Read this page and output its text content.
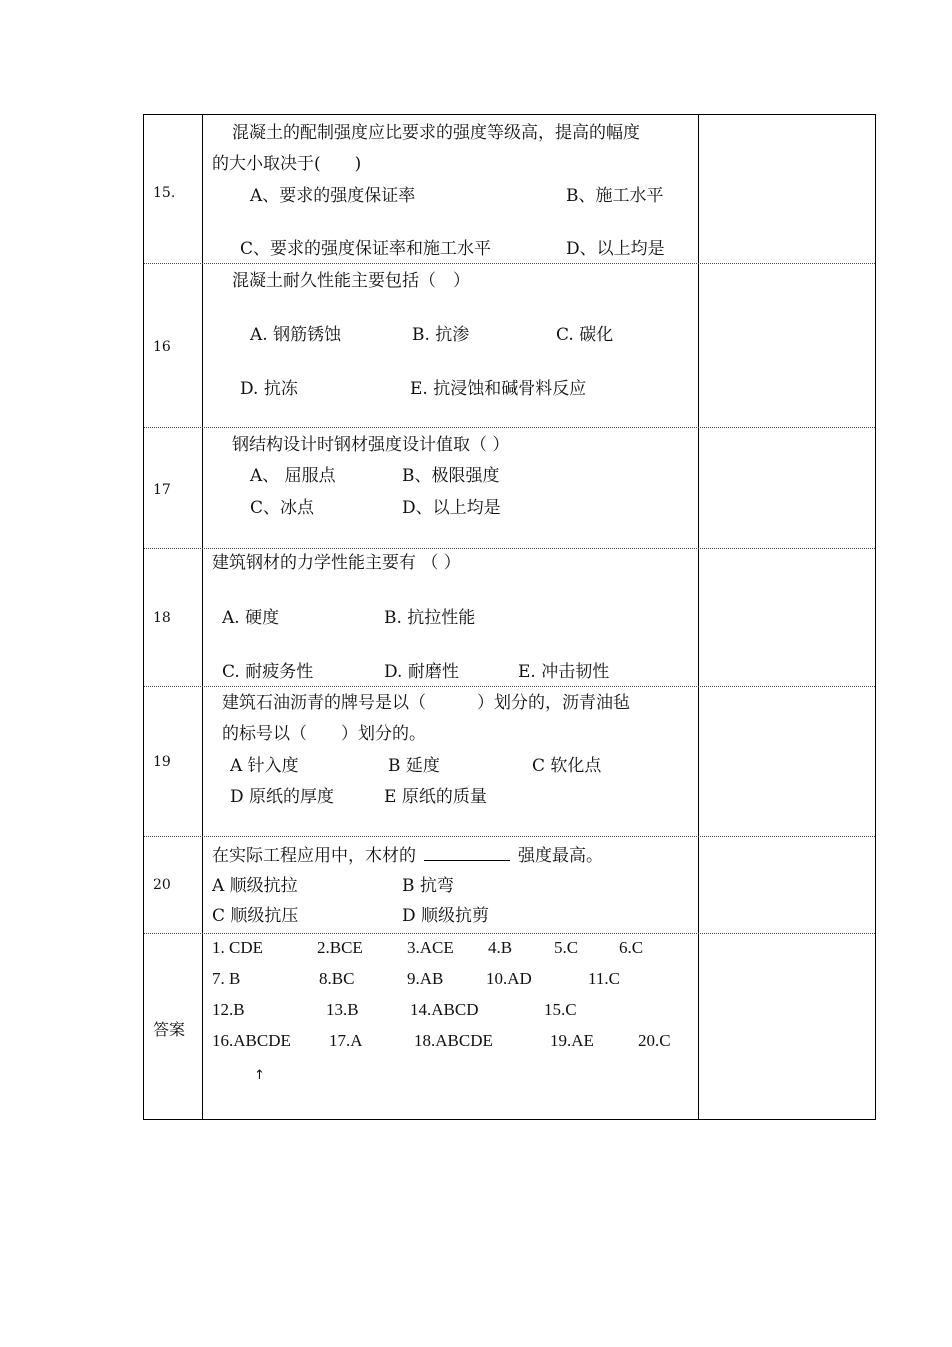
15.
混凝土的配制强度应比要求的强度等级高，提高的幅度
的大小取决于(　　)
A、要求的强度保证率	B、施工水平
C、要求的强度保证率和施工水平	D、以上均是
16
混凝土耐久性能主要包括（　）
A. 钢筋锈蚀	B. 抗渗	C. 碳化
D. 抗冻	E. 抗浸蚀和碱骨料反应
17
钢结构设计时钢材强度设计值取（ ）
A、 屈服点	B、极限强度
C、冰点	D、以上均是
18
建筑钢材的力学性能主要有 （ ）
A. 硬度	B. 抗拉性能
C. 耐疲务性	D. 耐磨性	E. 冲击韧性
19
建筑石油沥青的牌号是以（　　　）划分的，沥青油毡
的标号以（　　）划分的。
A 针入度	B 延度	C 软化点
D 原纸的厚度	E 原纸的质量
20
在实际工程应用中，木材的	强度最高。
A 顺级抗拉	B 抗弯
C 顺级抗压	D 顺级抗剪
答案
1. CDE	2.BCE	3.ACE 4.B 5.C 6.C
7. B	8.BC	9.AB	10.AD	11.C
12.B	13.B	14.ABCD	15.C
16.ABCDE 17.A	18.ABCDE	19.AE	20.C
↑
